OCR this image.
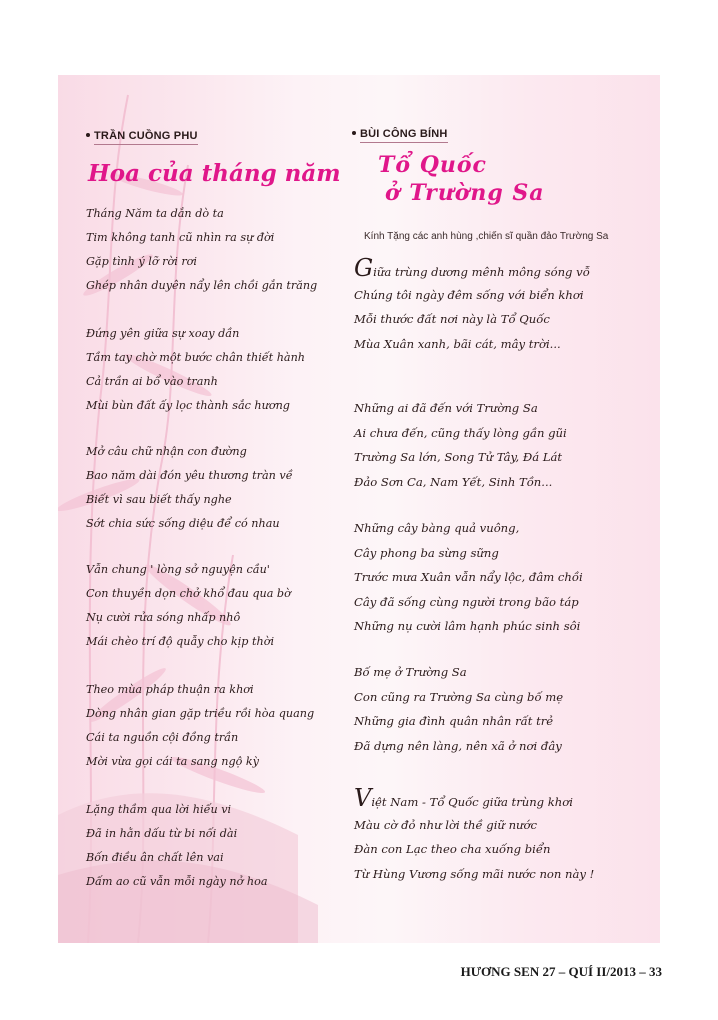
TRẦN CUỒNG PHU
Hoa của tháng năm
Tháng Năm ta dắn dò ta
Tim không tanh cũ nhìn ra sự đời
Gặp tình ý lỡ rời rơi
Ghép nhân duyên nẩy lên chồi gắn trăng
Đứng yên giữa sự xoay dần
Tầm tay chờ một bước chân thiết hành
Cả trần ai bổ vào tranh
Mùi bùn đất ấy lọc thành sắc hương
Mở câu chữ nhận con đường
Bao năm dài đón yêu thương tràn về
Biết vì sau biết thấy nghe
Sớt chia sức sống diệu để có nhau
Vẫn chung ' lòng sở nguyện cầu'
Con thuyền dọn chở khổ đau qua bờ
Nụ cười rửa sóng nhấp nhô
Mái chèo trí độ quẫy cho kịp thời
Theo mùa pháp thuận ra khơi
Dòng nhân gian gặp triều rồi hòa quang
Cái ta nguồn cội đồng trần
Mời vừa gọi cái ta sang ngộ kỳ
Lặng thầm qua lời hiếu vi
Đã in hằn dấu từ bi nối dài
Bốn điều ân chất lên vai
Dấm ao cũ vẫn mỗi ngày nở hoa
BÙI CÔNG BÍNH
Tổ Quốc
ở Trường Sa
Kính Tặng các anh hùng ,chiến sĩ quần đảo Trường Sa
Giữa trùng dương mênh mông sóng vỗ
Chúng tôi ngày đêm sống với biển khơi
Mỗi thước đất nơi này là Tổ Quốc
Mùa Xuân xanh, bãi cát, mây trời...
Những ai đã đến với Trường Sa
Ai chưa đến, cũng thấy lòng gần gũi
Trường Sa lớn, Song Tử Tây, Đá Lát
Đảo Sơn Ca, Nam Yết, Sinh Tồn...
Những cây bàng quả vuông,
Cây phong ba sừng sững
Trước mưa Xuân vẫn nẩy lộc, đâm chồi
Cây đã sống cùng người trong bão táp
Những nụ cười lâm hạnh phúc sinh sôi
Bố mẹ ở Trường Sa
Con cũng ra Trường Sa cùng bố mẹ
Những gia đình quân nhân rất trẻ
Đã dựng nên làng, nên xã ở nơi đây
Việt Nam - Tổ Quốc giữa trùng khơi
Màu cờ đỏ như lời thề giữ nước
Đàn con Lạc theo cha xuống biển
Từ Hùng Vương sống mãi nước non này !
HƯƠNG SEN 27 – QUÍ II/2013 – 33
